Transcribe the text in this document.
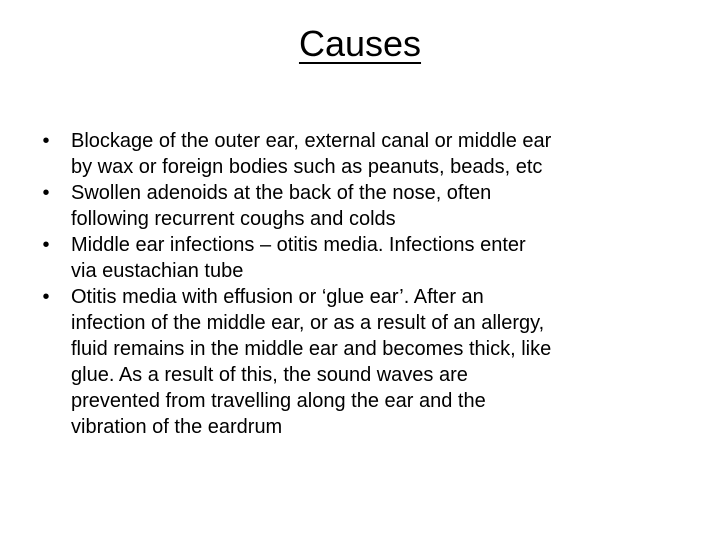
Causes
•	Blockage of the outer ear, external canal or middle ear
by wax or foreign bodies such as peanuts, beads, etc
•	Swollen adenoids at the back of the nose, often
following recurrent coughs and colds
•	Middle ear infections – otitis media. Infections enter
via eustachian tube
•	Otitis media with effusion or ‘glue ear’. After an
infection of the middle ear, or as a result of an allergy,
fluid remains in the middle ear and becomes thick, like
glue. As a result of this, the sound waves are
prevented from travelling along the ear and the
vibration of the eardrum
